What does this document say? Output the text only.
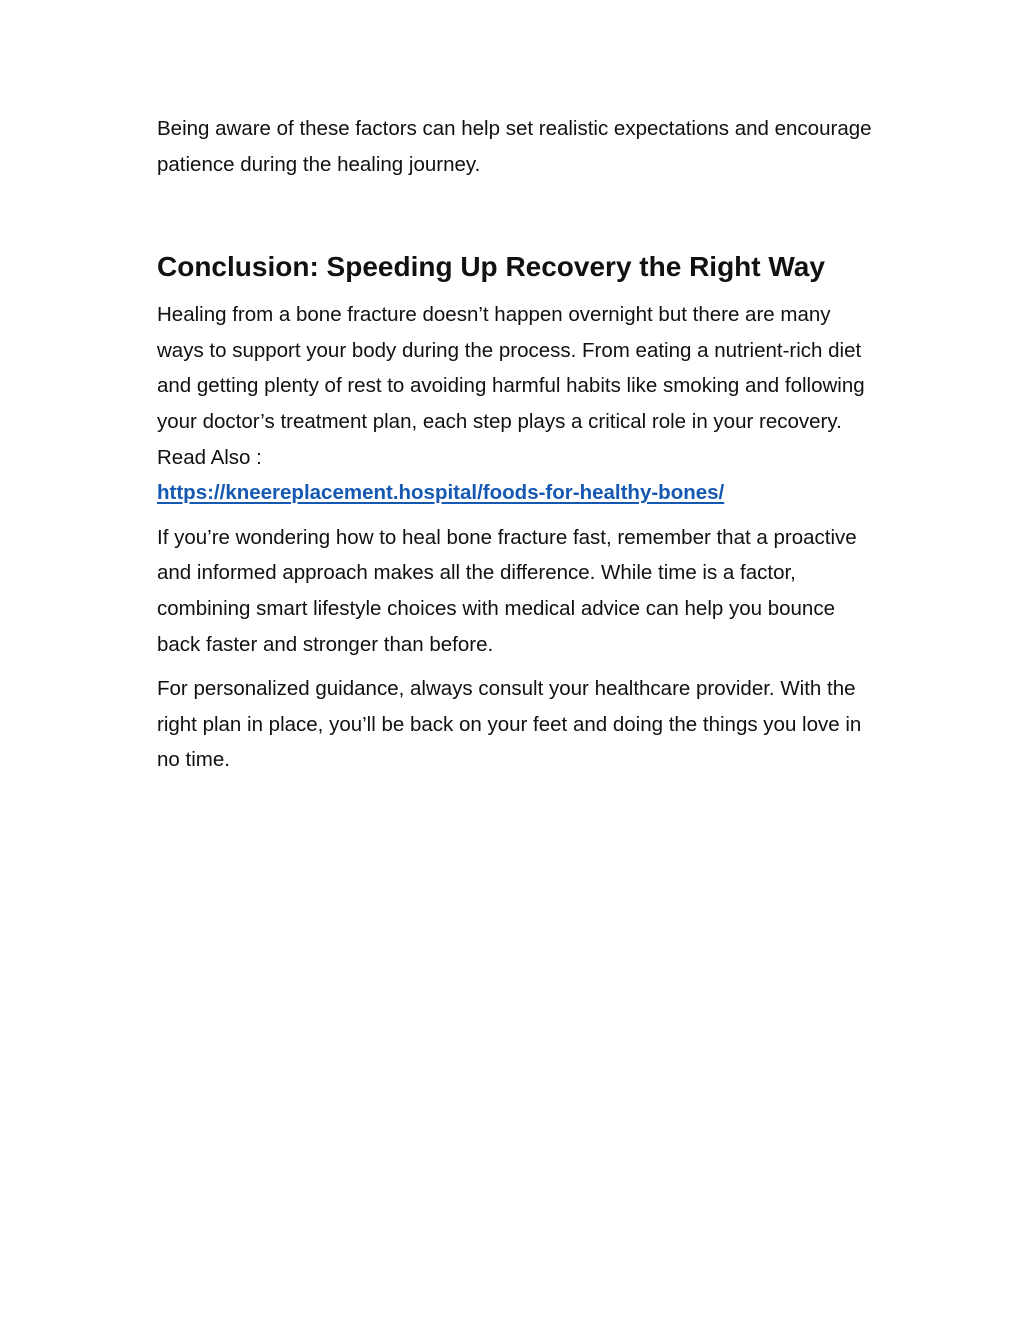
Being aware of these factors can help set realistic expectations and encourage patience during the healing journey.

Conclusion: Speeding Up Recovery the Right Way

Healing from a bone fracture doesn’t happen overnight but there are many ways to support your body during the process. From eating a nutrient-rich diet and getting plenty of rest to avoiding harmful habits like smoking and following your doctor’s treatment plan, each step plays a critical role in your recovery. Read Also :
https://kneereplacement.hospital/foods-for-healthy-bones/

If you’re wondering how to heal bone fracture fast, remember that a proactive and informed approach makes all the difference. While time is a factor, combining smart lifestyle choices with medical advice can help you bounce back faster and stronger than before.

For personalized guidance, always consult your healthcare provider. With the right plan in place, you’ll be back on your feet and doing the things you love in no time.
